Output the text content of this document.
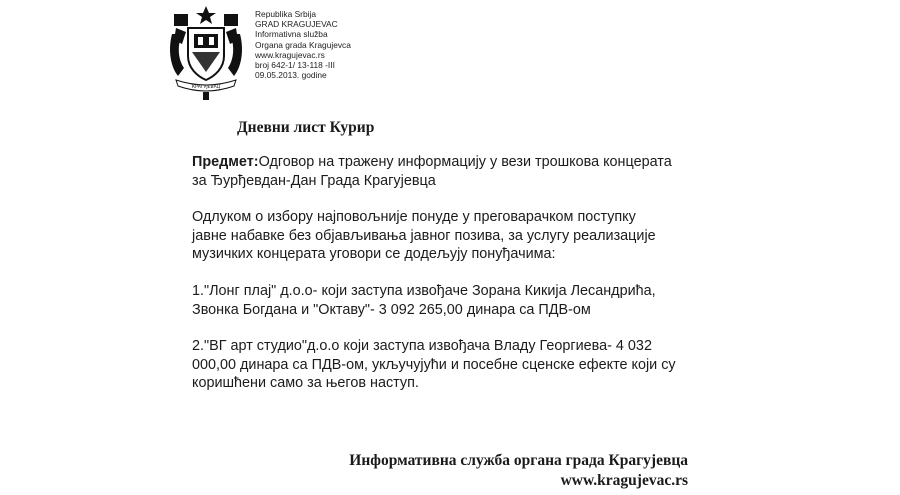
КРАГУЈЕВАЦ
Republika Srbija
GRAD KRAGUJEVAC
Informativna služba
Organa grada Kragujevca
www.kragujevac.rs
broj 642-1/ 13-118 -III
09.05.2013. godine
Дневни лист Курир
Предмет:Одговор на тражену информацију у вези трошкова концерата
за Ђурђевдан-Дан Града Крагујевца
Одлуком о избору најповољније понуде у преговарачком поступку
јавне набавке без објављивања јавног позива, за услугу реализације
музичких концерата уговори се додељују понуђачима:
1."Лонг плај" д.о.о- који заступа извођаче Зорана Кикија Лесандрића,
Звонка Богдана и "Октаву"- 3 092 265,00 динара са ПДВ-ом
2."ВГ арт студио"д.о.о који заступа извођача Владу Георгиева- 4 032
000,00 динара са ПДВ-ом, укључујући и посебне сценске ефекте који су
коришћени само за његов наступ.
Информативна служба органа града Крагујевца
www.kragujevac.rs
